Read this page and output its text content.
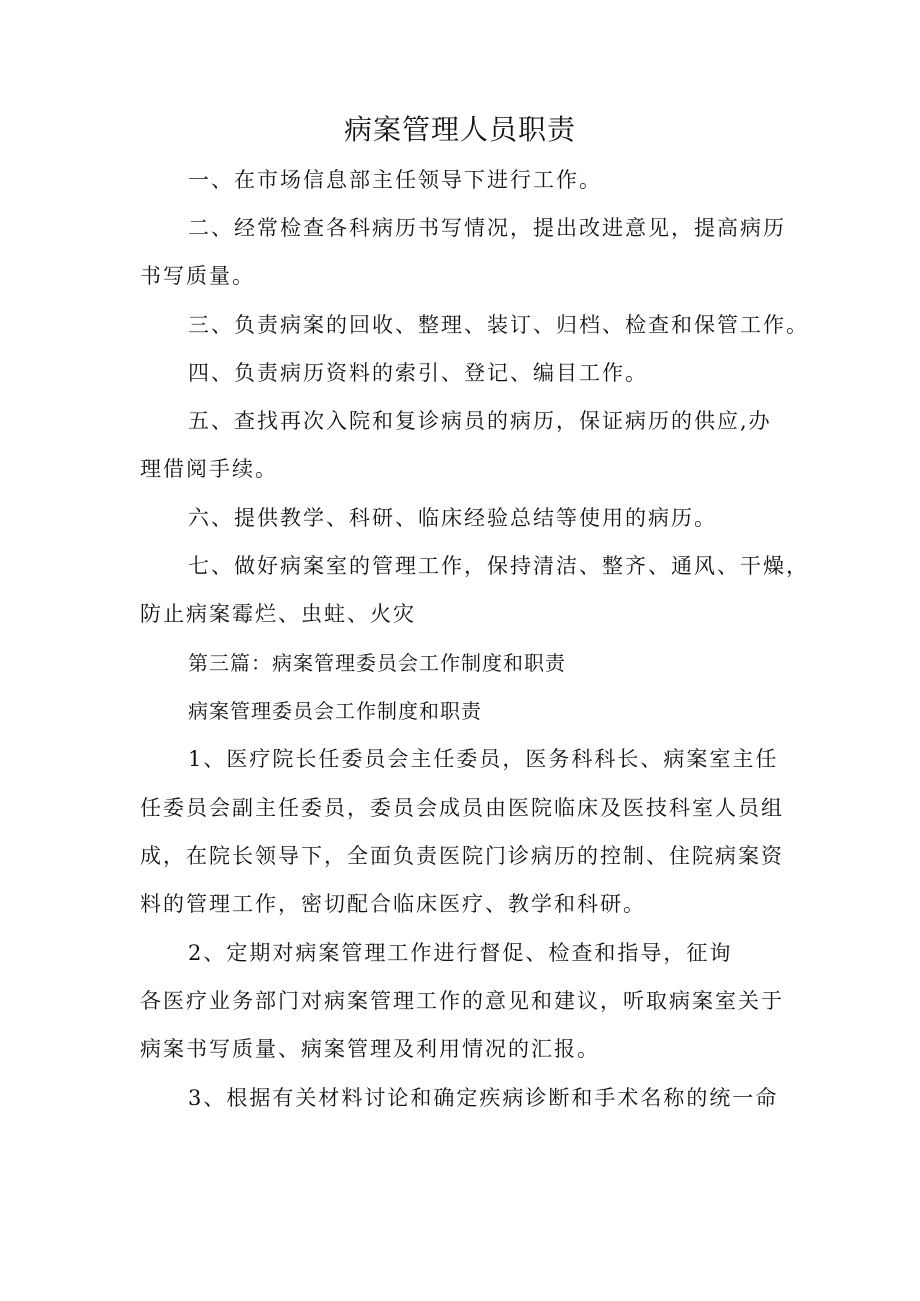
病案管理人员职责
一、在市场信息部主任领导下进行工作。
二、经常检查各科病历书写情况，提出改进意见，提高病历
书写质量。
三、负责病案的回收、整理、装订、归档、检查和保管工作。
四、负责病历资料的索引、登记、编目工作。
五、查找再次入院和复诊病员的病历，保证病历的供应,办
理借阅手续。
六、提供教学、科研、临床经验总结等使用的病历。
七、做好病案室的管理工作，保持清洁、整齐、通风、干燥，
防止病案霉烂、虫蛀、火灾
第三篇：病案管理委员会工作制度和职责
病案管理委员会工作制度和职责
1、医疗院长任委员会主任委员，医务科科长、病案室主任
任委员会副主任委员，委员会成员由医院临床及医技科室人员组
成，在院长领导下，全面负责医院门诊病历的控制、住院病案资
料的管理工作，密切配合临床医疗、教学和科研。
2、定期对病案管理工作进行督促、检查和指导，征询
各医疗业务部门对病案管理工作的意见和建议，听取病案室关于
病案书写质量、病案管理及利用情况的汇报。
3、根据有关材料讨论和确定疾病诊断和手术名称的统一命
